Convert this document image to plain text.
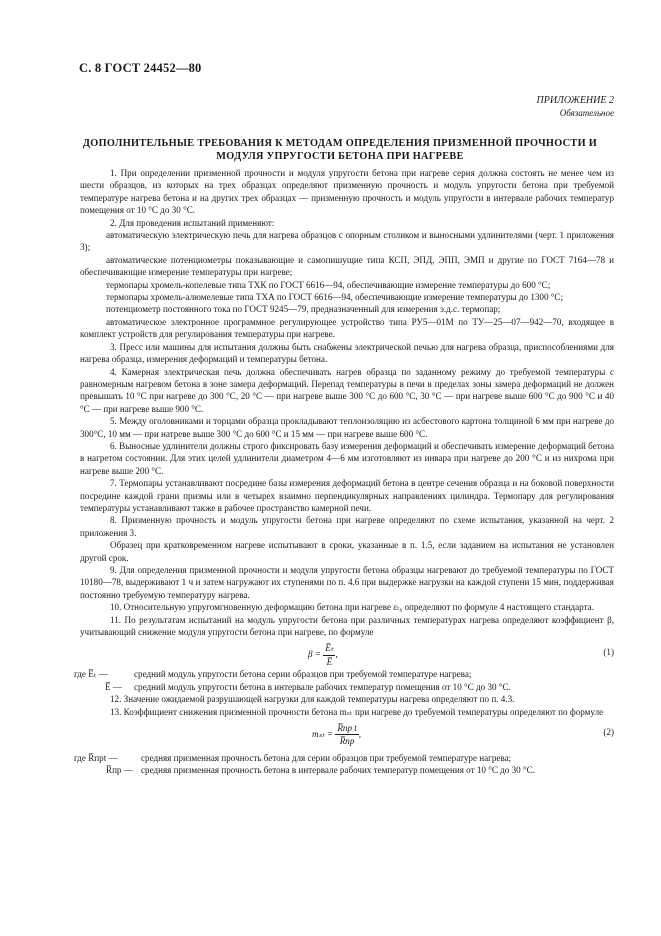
С. 8 ГОСТ 24452—80
ПРИЛОЖЕНИЕ 2
Обязательное
ДОПОЛНИТЕЛЬНЫЕ ТРЕБОВАНИЯ К МЕТОДАМ ОПРЕДЕЛЕНИЯ ПРИЗМЕННОЙ ПРОЧНОСТИ И МОДУЛЯ УПРУГОСТИ БЕТОНА ПРИ НАГРЕВЕ

1. При определении призменной прочности и модуля упругости бетона при нагреве серия должна состоять не менее чем из шести образцов, из которых на трех образцах определяют призменную прочность и модуль упругости бетона при требуемой температуре нагрева бетона и на других трех образцах — призменную прочность и модуль упругости в интервале рабочих температур помещения от 10 °С до 30 °С.

2. Для проведения испытаний применяют:

автоматическую электрическую печь для нагрева образцов с опорным столиком и выносными удлинителями (черт. 1 приложения 3);

автоматические потенциометры показывающие и самопишущие типа КСП, ЭПД, ЭПП, ЭМП и другие по ГОСТ 7164—78 и обеспечивающие измерение температуры при нагреве;

термопары хромель-копелевые типа ТХК по ГОСТ 6616—94, обеспечивающие измерение температуры до 600 °С;

термопары хромель-алюмелевые типа ТХА по ГОСТ 6616—94, обеспечивающие измерение температуры до 1300 °С;

потенциометр постоянного тока по ГОСТ 9245—79, предназначенный для измерения э.д.с. термопар;

автоматическое электронное программное регулирующее устройство типа РУ5—01М по ТУ—25—07—942—70, входящее в комплект устройств для регулирования температуры при нагреве.

3. Пресс или машины для испытания должны быть снабжены электрической печью для нагрева образца, приспособлениями для нагрева образца, измерения деформаций и температуры бетона.

4. Камерная электрическая печь должна обеспечивать нагрев образца по заданному режиму до требуемой температуры с равномерным нагревом бетона в зоне замера деформаций. Перепад температуры в печи в пределах зоны замера деформаций не должен превышать 10 °С при нагреве до 300 °С, 20 °С — при нагреве выше 300 °С до 600 °С, 30 °С — при нагреве выше 600 °С до 900 °С и 40 °С — при нагреве выше 900 °С.

5. Между оголовниками и торцами образца прокладывают теплоизоляцию из асбестового картона толщиной 6 мм при нагреве до 300°С, 10 мм — при натреве выше 300 °С до 600 °С и 15 мм — при нагреве выше 600 °С.

6. Выносные удлинители должны строго фиксировать базу измерения деформаций и обеспечивать измерение деформаций бетона в нагретом состоянии. Для этих целей удлинители диаметром 4—6 мм изготовляют из инвара при нагреве до 200 °С и из нихрома при нагреве выше 200 °С.

7. Термопары устанавливают посредине базы измерения деформаций бетона в центре сечения образца и на боковой поверхности посредине каждой грани призмы или в четырех взаимно перпендикулярных направлениях цилиндра. Термопару для регулирования температуры устанавливают также в рабочее пространство камерной печи.

8. Призменную прочность и модуль упругости бетона при нагреве определяют по схеме испытания, указанной на черт. 2 приложения 3.

Образец при кратковременном нагреве испытывают в сроки, указанные в п. 1.5, если заданием на испытания не установлен другой срок.

9. Для определения призменной прочности и модуля упругости бетона образцы нагревают до требуемой температуры по ГОСТ 10180—78, выдерживают 1 ч и затем нагружают их ступенями по п. 4.6 при выдержке нагрузки на каждой ступени 15 мин, поддерживая постоянно требуемую температуру нагрева.

10. Относительную упругомгновенную деформацию бетона при нагреве εₜᵧ определяют по формуле 4 настоящего стандарта.

11. По результатам испытаний на модуль упругости бетона при различных температурах нагрева определяют коэффициент β, учитывающий снижение модуля упругости бетона при нагреве, по формуле

$\beta = \frac{\text{E̅ₜ}}{E̅}$ ,	(1)
где E̅ₜ —	средний модуль упругости бетона серии образцов при требуемой температуре нагрева;
E̅ —	средний модуль упругости бетона в интервале рабочих температур помещения от 10 °С до 30 °С.

12. Значение ожидаемой разрушающей нагрузки для каждой температуры нагрева определяют по п. 4.3.

13. Коэффициент снижения призменной прочности бетона mₛₜ при нагреве до требуемой температуры определяют по формуле

$m_{st} = \frac{\text{R̅пр t}}{R̅пр}$ ,	(2)
где R̅прt —	средняя призменная прочность бетона для серии образцов при требуемой температуре нагрева;
R̅пр — средняя призменная прочность бетона в интервале рабочих температур помещения от 10 °С до 30 °С.
